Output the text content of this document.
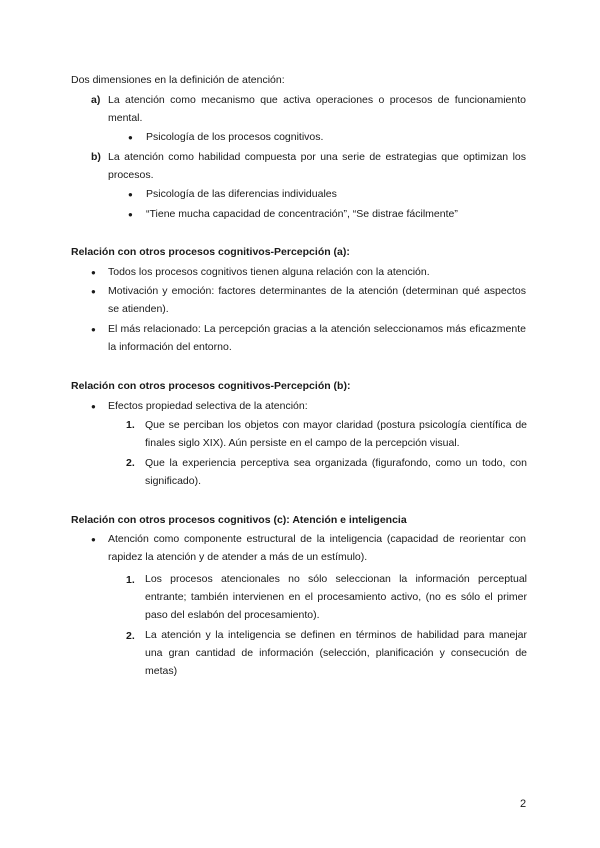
Dos dimensiones en la definición de atención:
a) La atención como mecanismo que activa operaciones o procesos de funcionamiento mental.
● Psicología de los procesos cognitivos.
b) La atención como habilidad compuesta por una serie de estrategias que optimizan los procesos.
● Psicología de las diferencias individuales
● “Tiene mucha capacidad de concentración”, “Se distrae fácilmente”
Relación con otros procesos cognitivos-Percepción (a):
● Todos los procesos cognitivos tienen alguna relación con la atención.
● Motivación y emoción: factores determinantes de la atención (determinan qué aspectos se atienden).
● El más relacionado: La percepción gracias a la atención seleccionamos más eficazmente la información del entorno.
Relación con otros procesos cognitivos-Percepción (b):
● Efectos propiedad selectiva de la atención:
1. Que se perciban los objetos con mayor claridad (postura psicología científica de finales siglo XIX). Aún persiste en el campo de la percepción visual.
2. Que la experiencia perceptiva sea organizada (figurafondo, como un todo, con significado).
Relación con otros procesos cognitivos (c): Atención e inteligencia
● Atención como componente estructural de la inteligencia (capacidad de reorientar con rapidez la atención y de atender a más de un estímulo).
1. Los procesos atencionales no sólo seleccionan la información perceptual entrante; también intervienen en el procesamiento activo, (no es sólo el primer paso del eslabón del procesamiento).
2. La atención y la inteligencia se definen en términos de habilidad para manejar una gran cantidad de información (selección, planificación y consecución de metas)
2
